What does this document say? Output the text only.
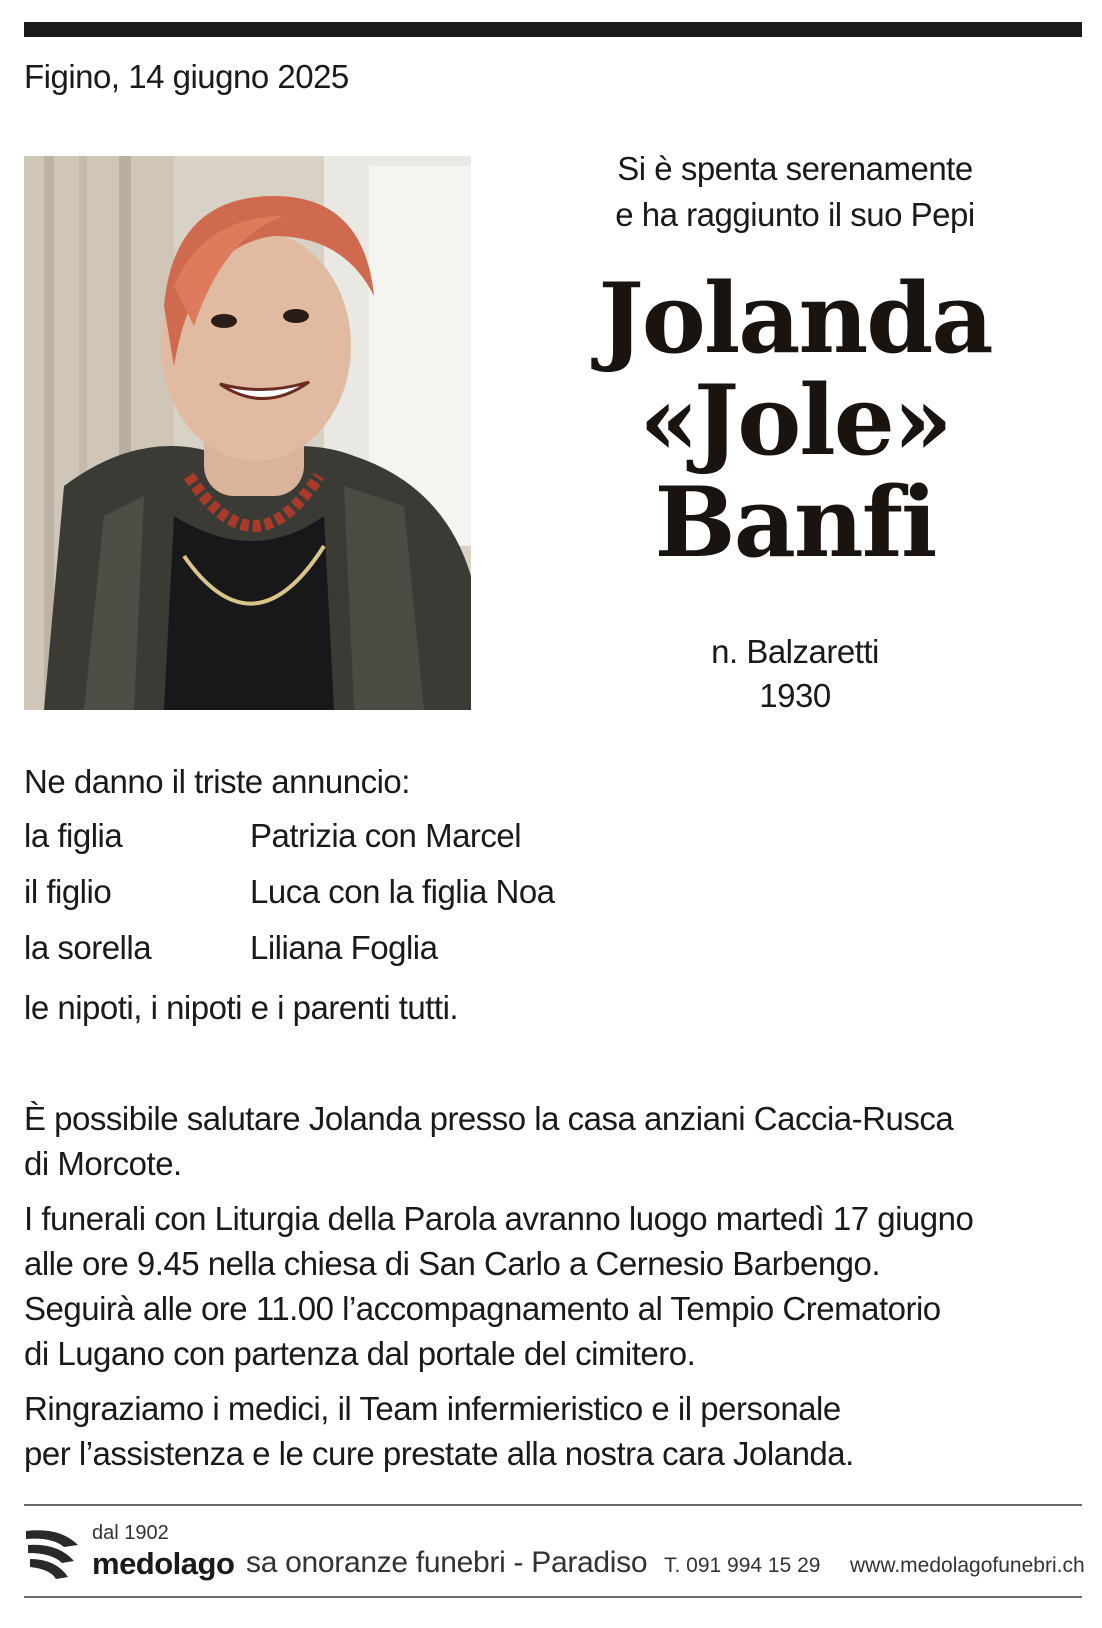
Figino, 14 giugno 2025
Si è spenta serenamente
e ha raggiunto il suo Pepi
Jolanda
«Jole»
Banfi
n. Balzaretti
1930
Ne danno il triste annuncio:
la figlia	Patrizia con Marcel
il figlio	Luca con la figlia Noa
la sorella	Liliana Foglia
le nipoti, i nipoti e i parenti tutti.
È possibile salutare Jolanda presso la casa anziani Caccia-Rusca
di Morcote.
I funerali con Liturgia della Parola avranno luogo martedì 17 giugno
alle ore 9.45 nella chiesa di San Carlo a Cernesio Barbengo.
Seguirà alle ore 11.00 l’accompagnamento al Tempio Crematorio
di Lugano con partenza dal portale del cimitero.
Ringraziamo i medici, il Team infermieristico e il personale
per l’assistenza e le cure prestate alla nostra cara Jolanda.
dal 1902
medolago sa onoranze funebri - Paradiso T. 091 994 15 29 www.medolagofunebri.ch
